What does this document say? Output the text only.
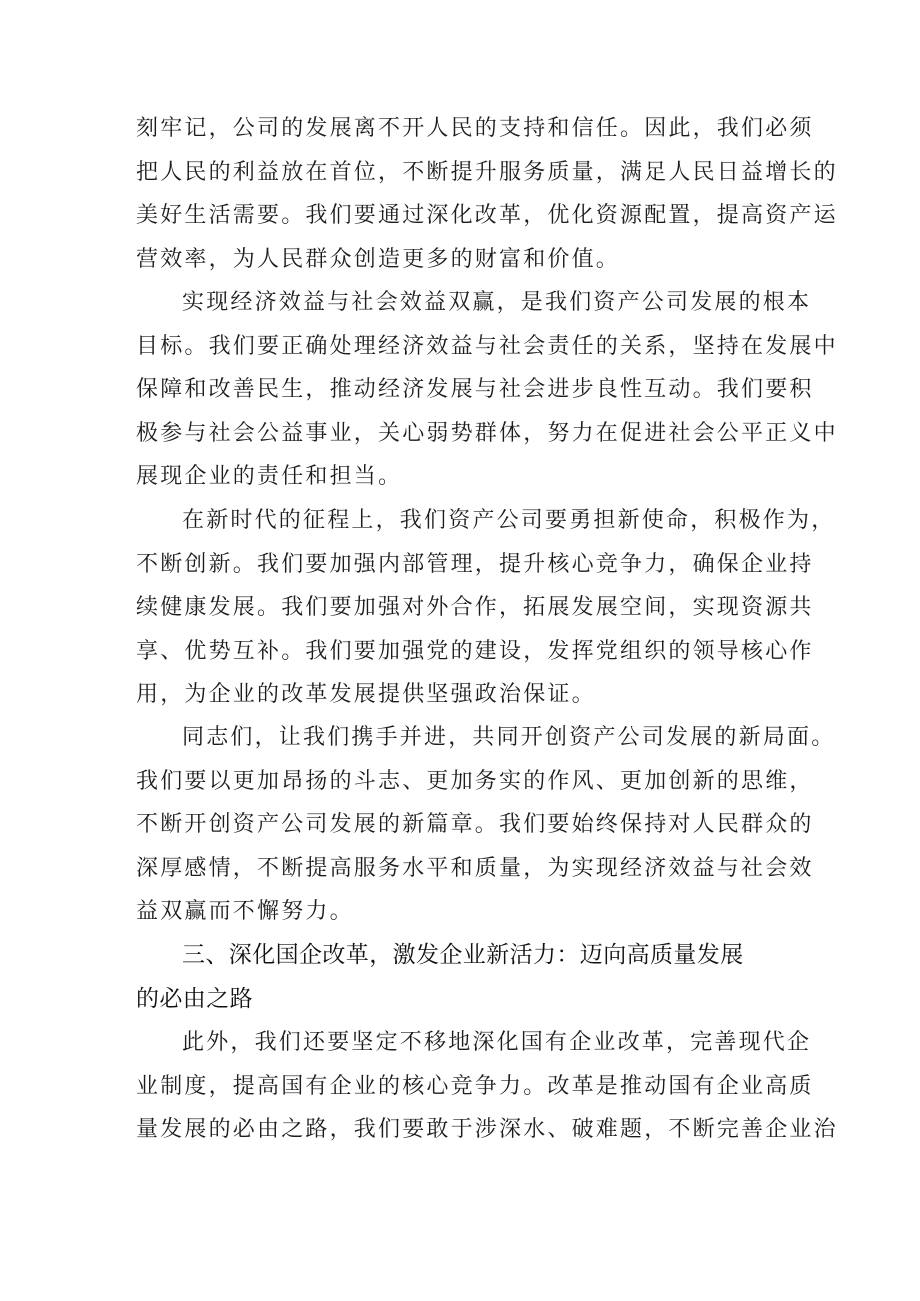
刻牢记，公司的发展离不开人民的支持和信任。因此，我们必须
把人民的利益放在首位，不断提升服务质量，满足人民日益增长的
美好生活需要。我们要通过深化改革，优化资源配置，提高资产运
营效率，为人民群众创造更多的财富和价值。
实现经济效益与社会效益双赢，是我们资产公司发展的根本
目标。我们要正确处理经济效益与社会责任的关系，坚持在发展中
保障和改善民生，推动经济发展与社会进步良性互动。我们要积
极参与社会公益事业，关心弱势群体，努力在促进社会公平正义中
展现企业的责任和担当。
在新时代的征程上，我们资产公司要勇担新使命，积极作为，
不断创新。我们要加强内部管理，提升核心竞争力，确保企业持
续健康发展。我们要加强对外合作，拓展发展空间，实现资源共
享、优势互补。我们要加强党的建设，发挥党组织的领导核心作
用，为企业的改革发展提供坚强政治保证。
同志们，让我们携手并进，共同开创资产公司发展的新局面。
我们要以更加昂扬的斗志、更加务实的作风、更加创新的思维，
不断开创资产公司发展的新篇章。我们要始终保持对人民群众的
深厚感情，不断提高服务水平和质量，为实现经济效益与社会效
益双赢而不懈努力。
三、深化国企改革，激发企业新活力：迈向高质量发展
的必由之路
此外，我们还要坚定不移地深化国有企业改革，完善现代企
业制度，提高国有企业的核心竞争力。改革是推动国有企业高质
量发展的必由之路，我们要敢于涉深水、破难题，不断完善企业治
